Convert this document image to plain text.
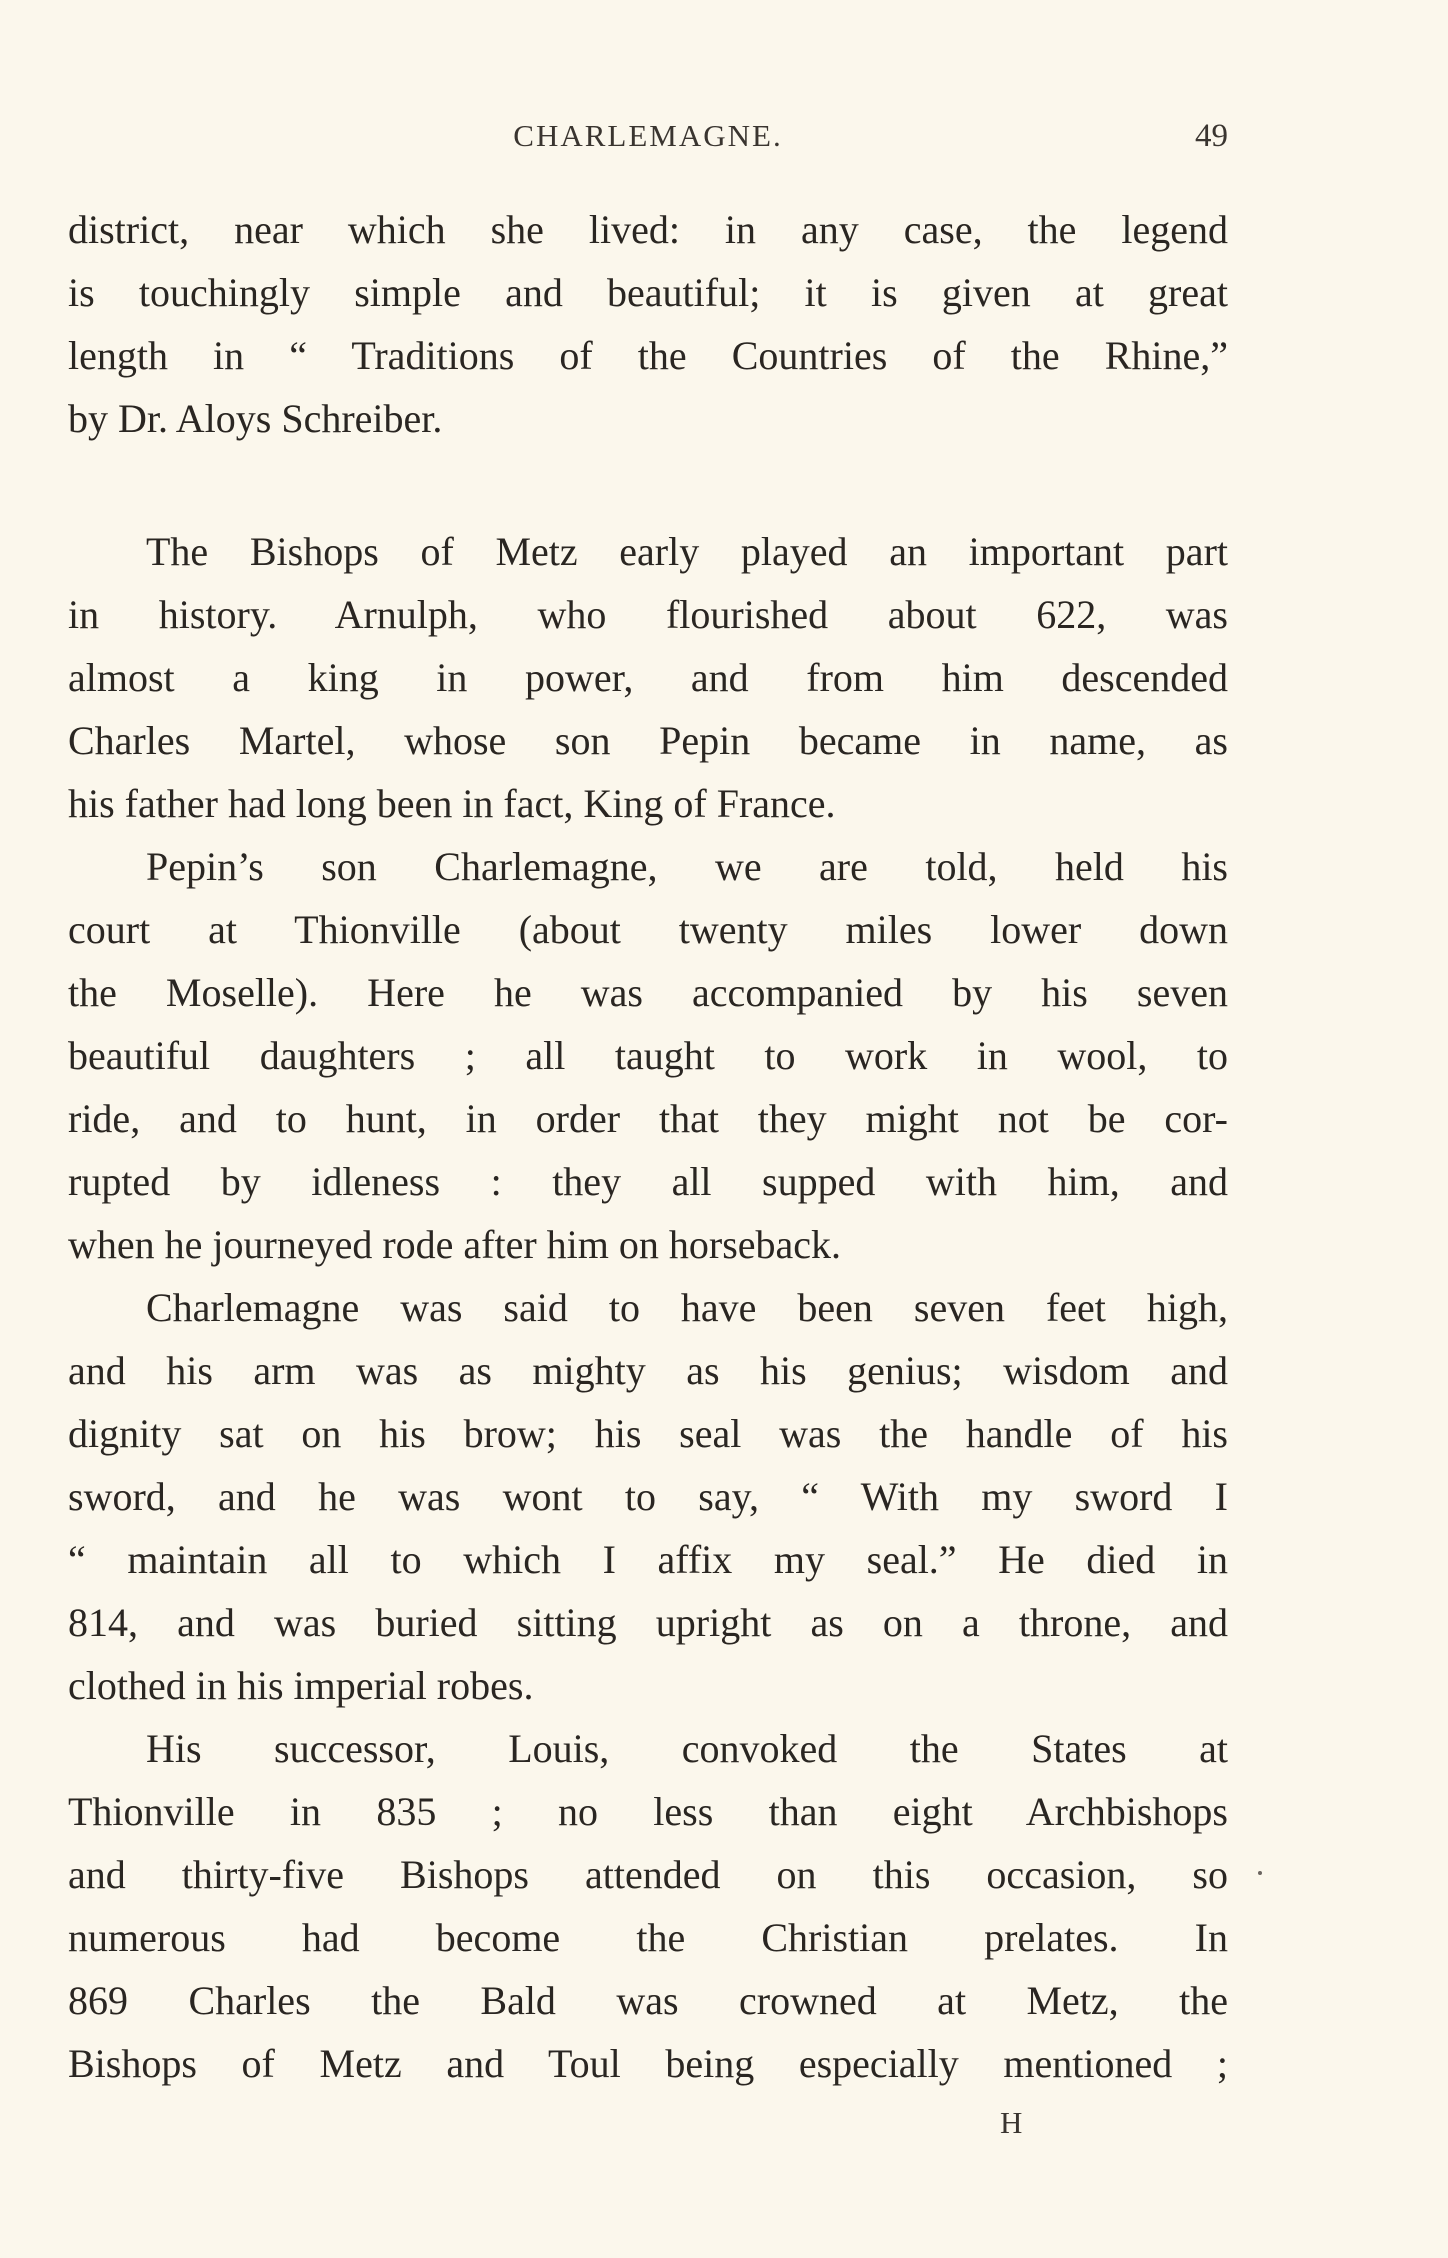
CHARLEMAGNE.	49
district, near which she lived: in any case, the legend
is touchingly simple and beautiful; it is given at great
length in “ Traditions of the Countries of the Rhine,”
by Dr. Aloys Schreiber.
The Bishops of Metz early played an important part
in history. Arnulph, who flourished about 622, was
almost a king in power, and from him descended
Charles Martel, whose son Pepin became in name, as
his father had long been in fact, King of France.
Pepin’s son Charlemagne, we are told, held his
court at Thionville (about twenty miles lower down
the Moselle). Here he was accompanied by his seven
beautiful daughters ; all taught to work in wool, to
ride, and to hunt, in order that they might not be cor-
rupted by idleness : they all supped with him, and
when he journeyed rode after him on horseback.
Charlemagne was said to have been seven feet high,
and his arm was as mighty as his genius; wisdom and
dignity sat on his brow; his seal was the handle of his
sword, and he was wont to say, “ With my sword I
“ maintain all to which I affix my seal.” He died in
814, and was buried sitting upright as on a throne, and
clothed in his imperial robes.
His successor, Louis, convoked the States at
Thionville in 835 ; no less than eight Archbishops
and thirty-five Bishops attended on this occasion, so
numerous had become the Christian prelates. In
869 Charles the Bald was crowned at Metz, the
Bishops of Metz and Toul being especially mentioned ;
H
